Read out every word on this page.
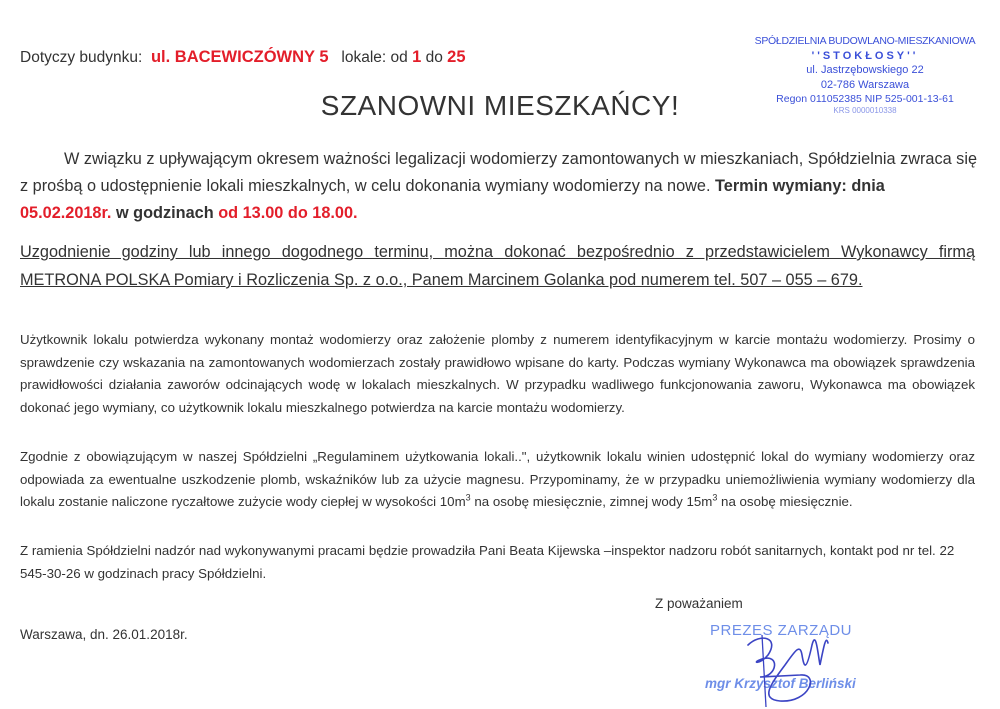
Dotyczy budynku: ul. BACEWICZÓWNY 5 lokale: od 1 do 25
SPÓŁDZIELNIA BUDOWLANO-MIESZKANIOWA
''STOKŁOSY''
ul. Jastrzębowskiego 22
02-786 Warszawa
Regon 011052385 NIP 525-001-13-61
KRS 0000010338
SZANOWNI MIESZKAŃCY!
W związku z upływającym okresem ważności legalizacji wodomierzy zamontowanych w mieszkaniach, Spółdzielnia zwraca się z prośbą o udostępnienie lokali mieszkalnych, w celu dokonania wymiany wodomierzy na nowe. Termin wymiany: dnia 05.02.2018r. w godzinach od 13.00 do 18.00.
Uzgodnienie godziny lub innego dogodnego terminu, można dokonać bezpośrednio z przedstawicielem Wykonawcy firmą METRONA POLSKA Pomiary i Rozliczenia Sp. z o.o., Panem Marcinem Golanka pod numerem tel. 507 – 055 – 679.
Użytkownik lokalu potwierdza wykonany montaż wodomierzy oraz założenie plomby z numerem identyfikacyjnym w karcie montażu wodomierzy. Prosimy o sprawdzenie czy wskazania na zamontowanych wodomierzach zostały prawidłowo wpisane do karty. Podczas wymiany Wykonawca ma obowiązek sprawdzenia prawidłowości działania zaworów odcinających wodę w lokalach mieszkalnych. W przypadku wadliwego funkcjonowania zaworu, Wykonawca ma obowiązek dokonać jego wymiany, co użytkownik lokalu mieszkalnego potwierdza na karcie montażu wodomierzy.
Zgodnie z obowiązującym w naszej Spółdzielni „Regulaminem użytkowania lokali..", użytkownik lokalu winien udostępnić lokal do wymiany wodomierzy oraz odpowiada za ewentualne uszkodzenie plomb, wskaźników lub za użycie magnesu. Przypominamy, że w przypadku uniemożliwienia wymiany wodomierzy dla lokalu zostanie naliczone ryczałtowe zużycie wody ciepłej w wysokości $10m^3$ na osobę miesięcznie, zimnej wody $15m^3$ na osobę miesięcznie.
Z ramienia Spółdzielni nadzór nad wykonywanymi pracami będzie prowadziła Pani Beata Kijewska –inspektor nadzoru robót sanitarnych, kontakt pod nr tel. 22 545-30-26 w godzinach pracy Spółdzielni.
Z poważaniem
Warszawa, dn. 26.01.2018r.	PREZES ZARZĄDU
mgr Krzysztof Berliński
